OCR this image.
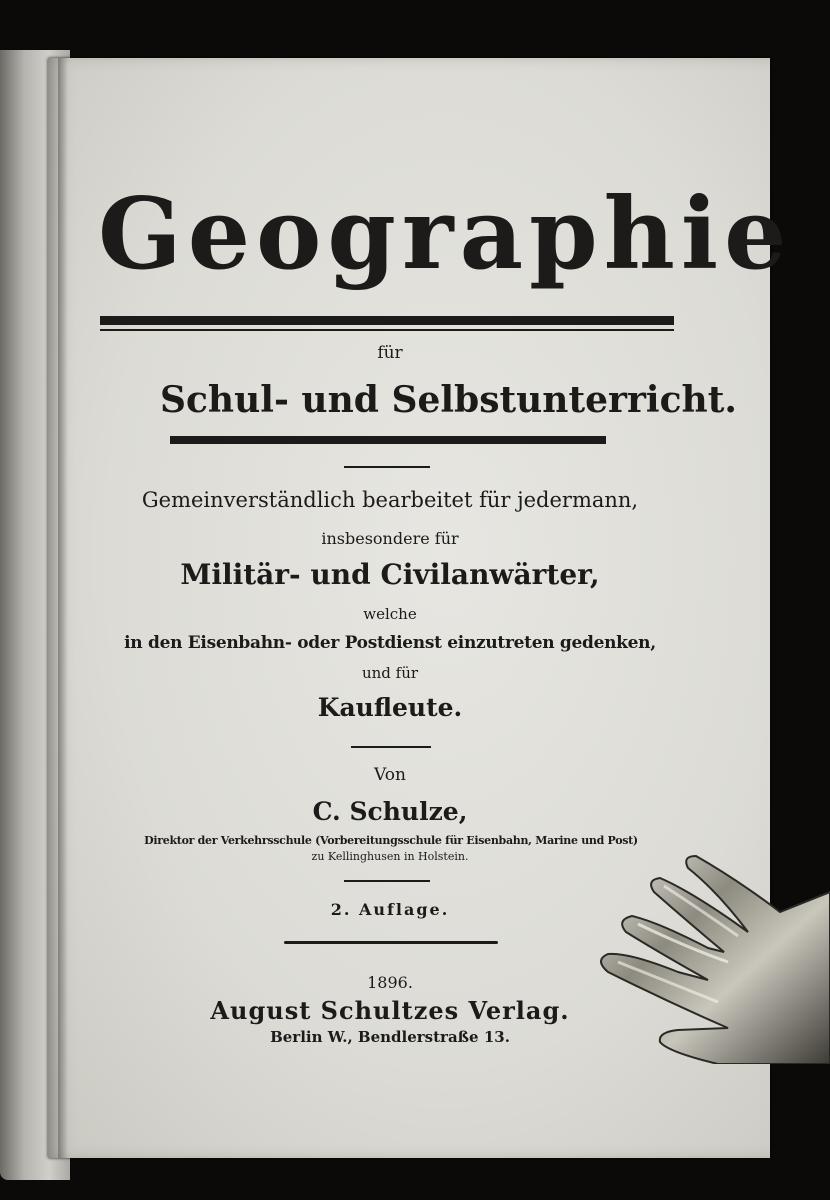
Geographie
für
Schul- und Selbstunterricht.
Gemeinverständlich bearbeitet für jedermann,
insbesondere für
Militär- und Civilanwärter,
welche
in den Eisenbahn- oder Postdienst einzutreten gedenken,
und für
Kaufleute.
Von
C. Schulze,
Direktor der Verkehrsschule (Vorbereitungsschule für Eisenbahn, Marine und Post)
zu Kellinghusen in Holstein.
2. Auflage.
1896.
August Schultzes Verlag.
Berlin W., Bendlerstraße 13.
